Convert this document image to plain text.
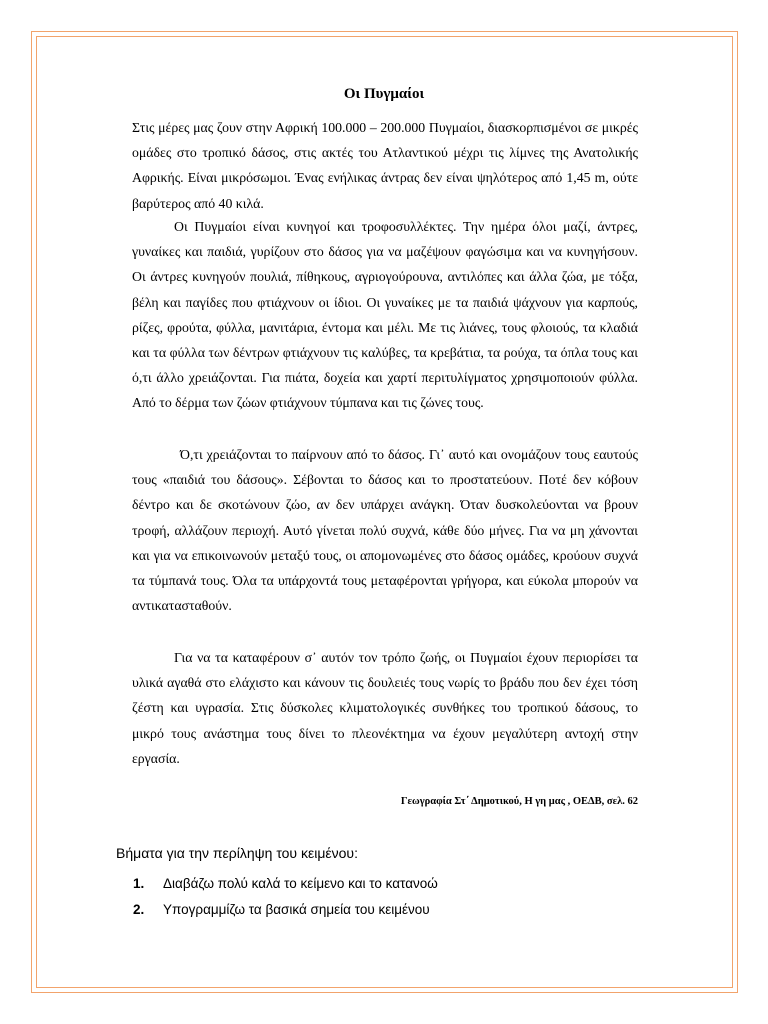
Οι Πυγμαίοι

Στις μέρες μας ζουν στην Αφρική 100.000 – 200.000 Πυγμαίοι, διασκορπισμένοι σε μικρές ομάδες στο τροπικό δάσος, στις ακτές του Ατλαντικού μέχρι τις λίμνες της Ανατολικής Αφρικής. Είναι μικρόσωμοι. Ένας ενήλικας άντρας δεν είναι ψηλότερος από 1,45 m, ούτε βαρύτερος από 40 κιλά.

Οι Πυγμαίοι είναι κυνηγοί και τροφοσυλλέκτες. Την ημέρα όλοι μαζί, άντρες, γυναίκες και παιδιά, γυρίζουν στο δάσος για να μαζέψουν φαγώσιμα και να κυνηγήσουν. Οι άντρες κυνηγούν πουλιά, πίθηκους, αγριογούρουνα, αντιλόπες και άλλα ζώα, με τόξα, βέλη και παγίδες που φτιάχνουν οι ίδιοι. Οι γυναίκες με τα παιδιά ψάχνουν για καρπούς, ρίζες, φρούτα, φύλλα, μανιτάρια, έντομα και μέλι. Με τις λιάνες, τους φλοιούς, τα κλαδιά και τα φύλλα των δέντρων φτιάχνουν τις καλύβες, τα κρεβάτια, τα ρούχα, τα όπλα τους και ό,τι άλλο χρειάζονται. Για πιάτα, δοχεία και χαρτί περιτυλίγματος χρησιμοποιούν φύλλα. Από το δέρμα των ζώων φτιάχνουν τύμπανα και τις ζώνες τους.

Ό,τι χρειάζονται το παίρνουν από το δάσος. Γι᾽ αυτό και ονομάζουν τους εαυτούς τους «παιδιά του δάσους». Σέβονται το δάσος και το προστατεύουν. Ποτέ δεν κόβουν δέντρο και δε σκοτώνουν ζώο, αν δεν υπάρχει ανάγκη. Όταν δυσκολεύονται να βρουν τροφή, αλλάζουν περιοχή. Αυτό γίνεται πολύ συχνά, κάθε δύο μήνες. Για να μη χάνονται και για να επικοινωνούν μεταξύ τους, οι απομονωμένες στο δάσος ομάδες, κρούουν συχνά τα τύμπανά τους. Όλα τα υπάρχοντά τους μεταφέρονται γρήγορα, και εύκολα μπορούν να αντικατασταθούν.

Για να τα καταφέρουν σ᾽ αυτόν τον τρόπο ζωής, οι Πυγμαίοι έχουν περιορίσει τα υλικά αγαθά στο ελάχιστο και κάνουν τις δουλειές τους νωρίς το βράδυ που δεν έχει τόση ζέστη και υγρασία. Στις δύσκολες κλιματολογικές συνθήκες του τροπικού δάσους, το μικρό τους ανάστημα τους δίνει το πλεονέκτημα να έχουν μεγαλύτερη αντοχή στην εργασία.

Γεωγραφία Στ΄ Δημοτικού, Η γη μας , ΟΕΔΒ, σελ. 62
Βήματα για την περίληψη του κειμένου:
1. Διαβάζω πολύ καλά το κείμενο και το κατανοώ
2. Υπογραμμίζω τα βασικά σημεία του κειμένου
